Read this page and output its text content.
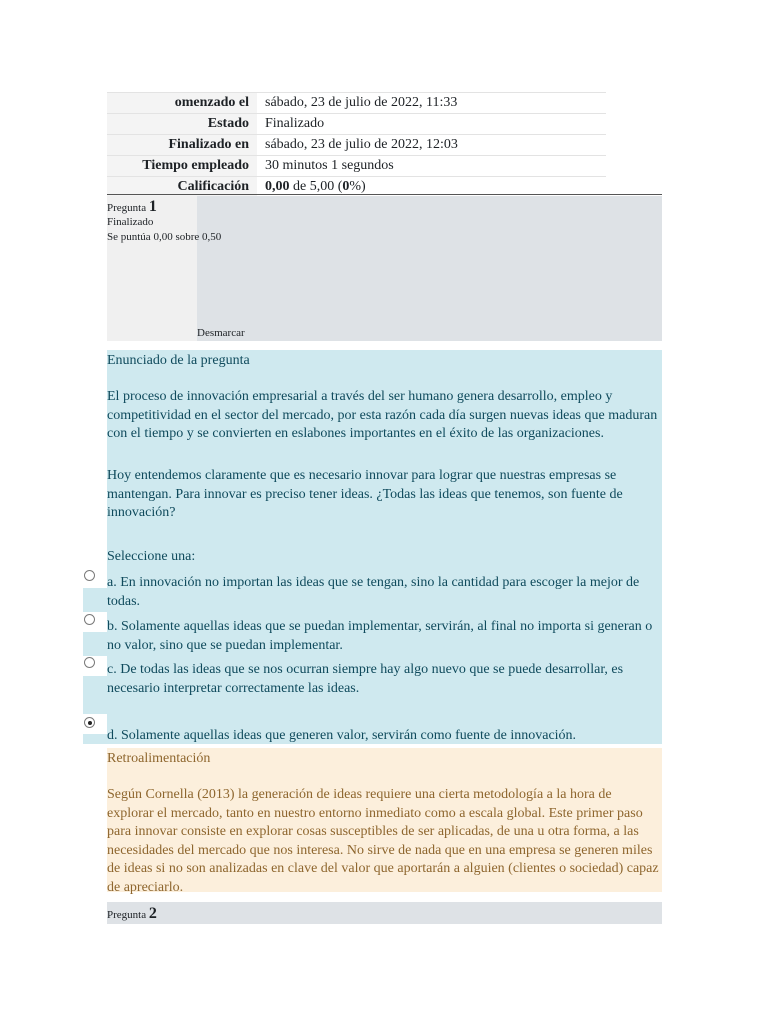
omenzado el	sábado, 23 de julio de 2022, 11:33
Estado	Finalizado
Finalizado en	sábado, 23 de julio de 2022, 12:03
Tiempo empleado	30 minutos 1 segundos
Calificación	0,00 de 5,00 (0%)
Pregunta 1
Finalizado
Se puntúa 0,00 sobre 0,50
Desmarcar
Enunciado de la pregunta
El proceso de innovación empresarial a través del ser humano genera desarrollo, empleo y competitividad en el sector del mercado, por esta razón cada día surgen nuevas ideas que maduran con el tiempo y se convierten en eslabones importantes en el éxito de las organizaciones.
Hoy entendemos claramente que es necesario innovar para lograr que nuestras empresas se mantengan. Para innovar es preciso tener ideas. ¿Todas las ideas que tenemos, son fuente de innovación?
Seleccione una:
a. En innovación no importan las ideas que se tengan, sino la cantidad para escoger la mejor de todas.
b. Solamente aquellas ideas que se puedan implementar, servirán, al final no importa si generan o no valor, sino que se puedan implementar.
c. De todas las ideas que se nos ocurran siempre hay algo nuevo que se puede desarrollar, es necesario interpretar correctamente las ideas.
d. Solamente aquellas ideas que generen valor, servirán como fuente de innovación.
Retroalimentación
Según Cornella (2013) la generación de ideas requiere una cierta metodología a la hora de explorar el mercado, tanto en nuestro entorno inmediato como a escala global. Este primer paso para innovar consiste en explorar cosas susceptibles de ser aplicadas, de una u otra forma, a las necesidades del mercado que nos interesa. No sirve de nada que en una empresa se generen miles de ideas si no son analizadas en clave del valor que aportarán a alguien (clientes o sociedad) capaz de apreciarlo.
Pregunta 2
